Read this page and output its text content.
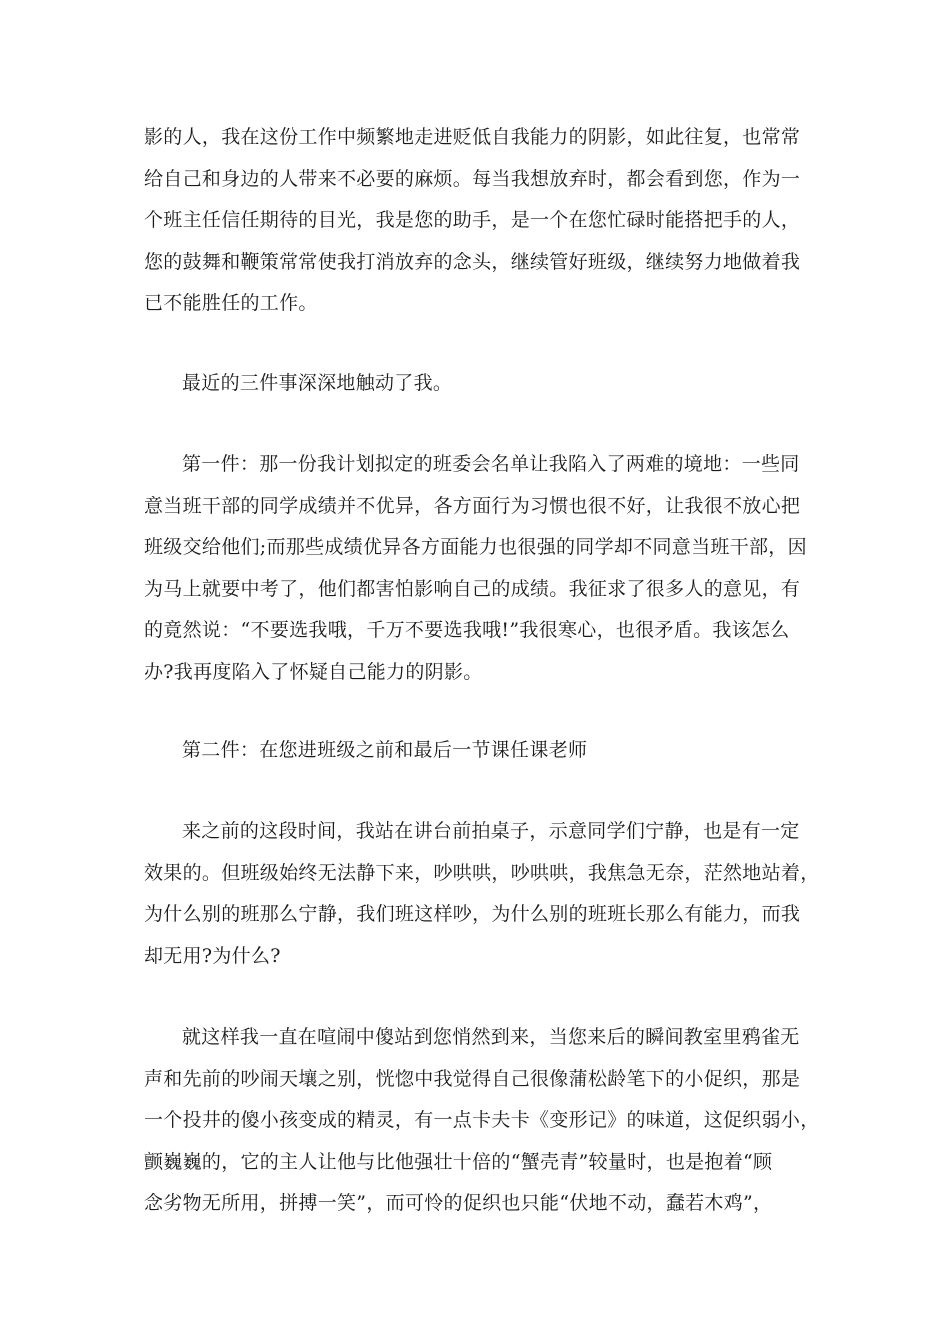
影的人，我在这份工作中频繁地走进贬低自我能力的阴影，如此往复，也常常
给自己和身边的人带来不必要的麻烦。每当我想放弃时，都会看到您，作为一
个班主任信任期待的目光，我是您的助手，是一个在您忙碌时能搭把手的人，
您的鼓舞和鞭策常常使我打消放弃的念头，继续管好班级，继续努力地做着我
已不能胜任的工作。
最近的三件事深深地触动了我。
第一件：那一份我计划拟定的班委会名单让我陷入了两难的境地：一些同
意当班干部的同学成绩并不优异，各方面行为习惯也很不好，让我很不放心把
班级交给他们;而那些成绩优异各方面能力也很强的同学却不同意当班干部，因
为马上就要中考了，他们都害怕影响自己的成绩。我征求了很多人的意见，有
的竟然说：“不要选我哦，千万不要选我哦!”我很寒心，也很矛盾。我该怎么
办?我再度陷入了怀疑自己能力的阴影。
第二件：在您进班级之前和最后一节课任课老师
来之前的这段时间，我站在讲台前拍桌子，示意同学们宁静，也是有一定
效果的。但班级始终无法静下来，吵哄哄，吵哄哄，我焦急无奈，茫然地站着，
为什么别的班那么宁静，我们班这样吵，为什么别的班班长那么有能力，而我
却无用?为什么?
就这样我一直在喧闹中傻站到您悄然到来，当您来后的瞬间教室里鸦雀无
声和先前的吵闹天壤之别，恍惚中我觉得自己很像蒲松龄笔下的小促织，那是
一个投井的傻小孩变成的精灵，有一点卡夫卡《变形记》的味道，这促织弱小，
颤巍巍的，它的主人让他与比他强壮十倍的“蟹壳青”较量时，也是抱着“顾
念劣物无所用，拼搏一笑”，而可怜的促织也只能“伏地不动，蠢若木鸡”，
